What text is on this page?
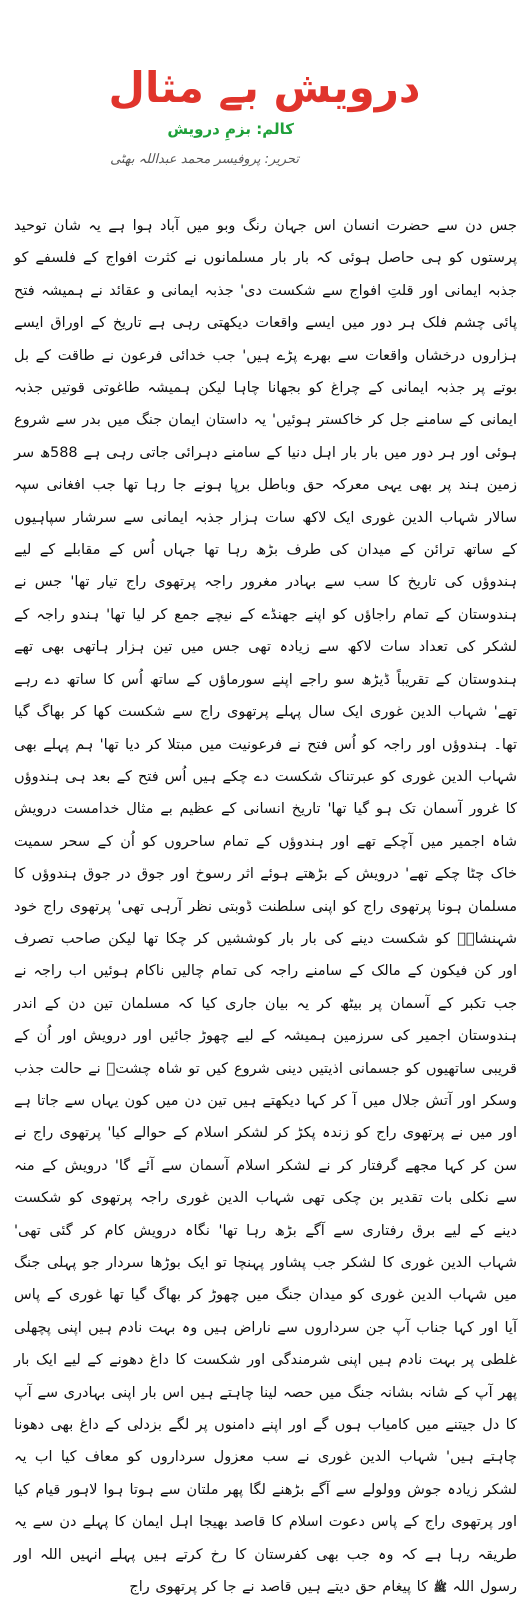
درویش بے مثال
کالم: بزمِ درویش
تحریر: پروفیسر محمد عبداللہ بھٹی

جس دن سے حضرت انسان اس جہان رنگ وبو میں آباد ہوا ہے یہ شان توحید پرستوں کو ہی حاصل ہوئی کہ بار بار مسلمانوں نے کثرت افواج کے فلسفے کو جذبہ ایمانی اور قلتِ افواج سے شکست دی' جذبہ ایمانی و عقائد نے ہمیشہ فتح پائی چشم فلک ہر دور میں ایسے واقعات دیکھتی رہی ہے تاریخ کے اوراق ایسے ہزاروں درخشاں واقعات سے بھرے پڑے ہیں' جب خدائی فرعون نے طاقت کے بل بوتے پر جذبہ ایمانی کے چراغ کو بجھانا چاہا لیکن ہمیشہ طاغوتی قوتیں جذبہ ایمانی کے سامنے جل کر خاکستر ہوئیں' یہ داستان ایمان جنگ میں بدر سے شروع ہوئی اور ہر دور میں بار بار اہل دنیا کے سامنے دہرائی جاتی رہی ہے 588ھ سر زمین ہند پر بھی یہی معرکہ حق وباطل برپا ہونے جا رہا تھا جب افغانی سپہ سالار شہاب الدین غوری ایک لاکھ سات ہزار جذبہ ایمانی سے سرشار سپاہیوں کے ساتھ ترائن کے میدان کی طرف بڑھ رہا تھا جہاں اُس کے مقابلے کے لیے ہندوؤں کی تاریخ کا سب سے بہادر مغرور راجہ پرتھوی راج تیار تھا' جس نے ہندوستان کے تمام راجاؤں کو اپنے جھنڈے کے نیچے جمع کر لیا تھا' ہندو راجہ کے لشکر کی تعداد سات لاکھ سے زیادہ تھی جس میں تین ہزار ہاتھی بھی تھے ہندوستان کے تقریباً ڈیڑھ سو راجے اپنے سورماؤں کے ساتھ اُس کا ساتھ دے رہے تھے' شہاب الدین غوری ایک سال پہلے پرتھوی راج سے شکست کھا کر بھاگ گیا تھا۔ ہندوؤں اور راجہ کو اُس فتح نے فرعونیت میں مبتلا کر دیا تھا' ہم پہلے بھی شہاب الدین غوری کو عبرتناک شکست دے چکے ہیں اُس فتح کے بعد ہی ہندوؤں کا غرور آسمان تک ہو گیا تھا' تاریخ انسانی کے عظیم بے مثال خدامست درویش شاہ اجمیر میں آچکے تھے اور ہندوؤں کے تمام ساحروں کو اُن کے سحر سمیت خاک چٹا چکے تھے' درویش کے بڑھتے ہوئے اثر رسوخ اور جوق در جوق ہندوؤں کا مسلمان ہونا پرتھوی راج کو اپنی سلطنت ڈوبتی نظر آرہی تھی' پرتھوی راج خود شہنشاہؒ کو شکست دینے کی بار بار کوششیں کر چکا تھا لیکن صاحب تصرف اور کن فیکون کے مالک کے سامنے راجہ کی تمام چالیں ناکام ہوئیں اب راجہ نے جب تکبر کے آسمان پر بیٹھ کر یہ بیان جاری کیا کہ مسلمان تین دن کے اندر ہندوستان اجمیر کی سرزمین ہمیشہ کے لیے چھوڑ جائیں اور درویش اور اُن کے قریبی ساتھیوں کو جسمانی اذیتیں دینی شروع کیں تو شاہ چشتؒ نے حالت جذب وسکر اور آتش جلال میں آ کر کہا دیکھتے ہیں تین دن میں کون یہاں سے جاتا ہے اور میں نے پرتھوی راج کو زندہ پکڑ کر لشکر اسلام کے حوالے کیا' پرتھوی راج نے سن کر کہا مجھے گرفتار کر نے لشکر اسلام آسمان سے آئے گا' درویش کے منہ سے نکلی بات تقدیر بن چکی تھی شہاب الدین غوری راجہ پرتھوی کو شکست دینے کے لیے برق رفتاری سے آگے بڑھ رہا تھا' نگاہ درویش کام کر گئی تھی' شہاب الدین غوری کا لشکر جب پشاور پہنچا تو ایک بوڑھا سردار جو پہلی جنگ میں شہاب الدین غوری کو میدان جنگ میں چھوڑ کر بھاگ گیا تھا غوری کے پاس آیا اور کہا جناب آپ جن سرداروں سے ناراض ہیں وہ بہت نادم ہیں اپنی پچھلی غلطی پر بہت نادم ہیں اپنی شرمندگی اور شکست کا داغ دھونے کے لیے ایک بار پھر آپ کے شانہ بشانہ جنگ میں حصہ لینا چاہتے ہیں اس بار اپنی بہادری سے آپ کا دل جیتنے میں کامیاب ہوں گے اور اپنے دامنوں پر لگے بزدلی کے داغ بھی دھونا چاہتے ہیں' شہاب الدین غوری نے سب معزول سرداروں کو معاف کیا اب یہ لشکر زیادہ جوش وولولے سے آگے بڑھنے لگا پھر ملتان سے ہوتا ہوا لاہور قیام کیا اور پرتھوی راج کے پاس دعوت اسلام کا قاصد بھیجا اہل ایمان کا پہلے دن سے یہ طریقہ رہا ہے کہ وہ جب بھی کفرستان کا رخ کرتے ہیں پہلے انہیں اللہ اور رسول اللہ ﷺ کا پیغام حق دیتے ہیں قاصد نے جا کر پرتھوی راج
